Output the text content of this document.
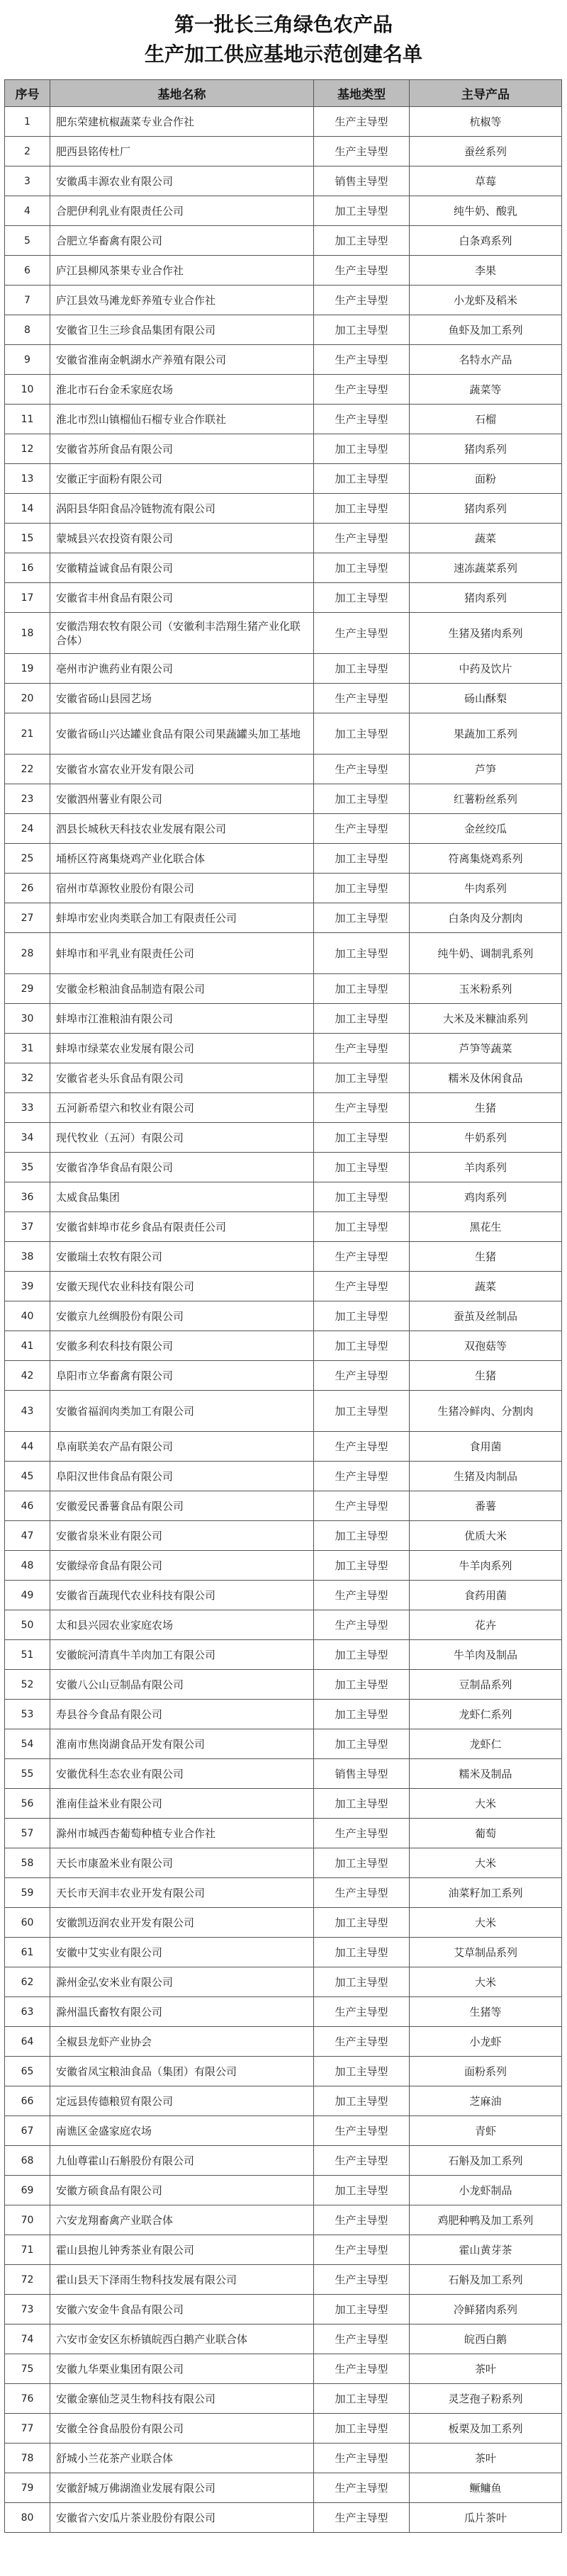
第一批长三角绿色农产品
生产加工供应基地示范创建名单
序号	基地名称	基地类型	主导产品
1	肥东荣建杭椒蔬菜专业合作社	生产主导型	杭椒等
2	肥西县铭传杜厂	生产主导型	蚕丝系列
3	安徽禹丰源农业有限公司	销售主导型	草莓
4	合肥伊利乳业有限责任公司	加工主导型	纯牛奶、酸乳
5	合肥立华畜禽有限公司	加工主导型	白条鸡系列
6	庐江县柳风茶果专业合作社	生产主导型	李果
7	庐江县效马滩龙虾养殖专业合作社	生产主导型	小龙虾及稻米
8	安徽省卫生三珍食品集团有限公司	加工主导型	鱼虾及加工系列
9	安徽省淮南金帆湖水产养殖有限公司	生产主导型	名特水产品
10	淮北市石台金禾家庭农场	生产主导型	蔬菜等
11	淮北市烈山镇榴仙石榴专业合作联社	生产主导型	石榴
12	安徽省苏所食品有限公司	加工主导型	猪肉系列
13	安徽正宇面粉有限公司	加工主导型	面粉
14	涡阳县华阳食品冷链物流有限公司	加工主导型	猪肉系列
15	蒙城县兴农投资有限公司	生产主导型	蔬菜
16	安徽精益诚食品有限公司	加工主导型	速冻蔬菜系列
17	安徽省丰州食品有限公司	加工主导型	猪肉系列
18	安徽浩翔农牧有限公司（安徽利丰浩翔生猪产业化联合体）	生产主导型	生猪及猪肉系列
19	亳州市沪谯药业有限公司	加工主导型	中药及饮片
20	安徽省砀山县园艺场	生产主导型	砀山酥梨
21	安徽省砀山兴达罐业食品有限公司果蔬罐头加工基地	加工主导型	果蔬加工系列
22	安徽省水富农业开发有限公司	生产主导型	芦笋
23	安徽泗州薯业有限公司	加工主导型	红薯粉丝系列
24	泗县长城秋天科技农业发展有限公司	生产主导型	金丝绞瓜
25	埇桥区符离集烧鸡产业化联合体	加工主导型	符离集烧鸡系列
26	宿州市草源牧业股份有限公司	加工主导型	牛肉系列
27	蚌埠市宏业肉类联合加工有限责任公司	加工主导型	白条肉及分割肉
28	蚌埠市和平乳业有限责任公司	加工主导型	纯牛奶、调制乳系列
29	安徽金杉粮油食品制造有限公司	加工主导型	玉米粉系列
30	蚌埠市江淮粮油有限公司	加工主导型	大米及米糠油系列
31	蚌埠市绿菜农业发展有限公司	生产主导型	芦笋等蔬菜
32	安徽省老头乐食品有限公司	加工主导型	糯米及休闲食品
33	五河新希望六和牧业有限公司	生产主导型	生猪
34	现代牧业（五河）有限公司	加工主导型	牛奶系列
35	安徽省净华食品有限公司	加工主导型	羊肉系列
36	太威食品集团	加工主导型	鸡肉系列
37	安徽省蚌埠市花乡食品有限责任公司	加工主导型	黑花生
38	安徽瑞土农牧有限公司	生产主导型	生猪
39	安徽天现代农业科技有限公司	生产主导型	蔬菜
40	安徽京九丝绸股份有限公司	加工主导型	蚕茧及丝制品
41	安徽多利农科技有限公司	加工主导型	双孢菇等
42	阜阳市立华畜禽有限公司	生产主导型	生猪
43	安徽省福润肉类加工有限公司	加工主导型	生猪冷鲜肉、分割肉
44	阜南联美农产品有限公司	生产主导型	食用菌
45	阜阳汉世伟食品有限公司	生产主导型	生猪及肉制品
46	安徽爱民番薯食品有限公司	生产主导型	番薯
47	安徽省泉米业有限公司	加工主导型	优质大米
48	安徽绿帝食品有限公司	加工主导型	牛羊肉系列
49	安徽省百蔬现代农业科技有限公司	生产主导型	食药用菌
50	太和县兴园农业家庭农场	生产主导型	花卉
51	安徽皖河清真牛羊肉加工有限公司	加工主导型	牛羊肉及制品
52	安徽八公山豆制品有限公司	加工主导型	豆制品系列
53	寿县谷今食品有限公司	加工主导型	龙虾仁系列
54	淮南市焦岗湖食品开发有限公司	加工主导型	龙虾仁
55	安徽优科生态农业有限公司	销售主导型	糯米及制品
56	淮南佳益米业有限公司	加工主导型	大米
57	滁州市城西杏葡萄种植专业合作社	生产主导型	葡萄
58	天长市康盈米业有限公司	加工主导型	大米
59	天长市天润丰农业开发有限公司	生产主导型	油菜籽加工系列
60	安徽凯迈润农业开发有限公司	加工主导型	大米
61	安徽中艾实业有限公司	加工主导型	艾草制品系列
62	滁州金弘安米业有限公司	加工主导型	大米
63	滁州温氏畜牧有限公司	生产主导型	生猪等
64	全椒县龙虾产业协会	生产主导型	小龙虾
65	安徽省凤宝粮油食品（集团）有限公司	加工主导型	面粉系列
66	定远县传德粮贸有限公司	加工主导型	芝麻油
67	南谯区金盛家庭农场	生产主导型	青虾
68	九仙尊霍山石斛股份有限公司	生产主导型	石斛及加工系列
69	安徽方硕食品有限公司	加工主导型	小龙虾制品
70	六安龙翔畜禽产业联合体	生产主导型	鸡肥种鸭及加工系列
71	霍山县抱儿钟秀茶业有限公司	生产主导型	霍山黄芽茶
72	霍山县天下泽雨生物科技发展有限公司	生产主导型	石斛及加工系列
73	安徽六安金牛食品有限公司	加工主导型	冷鲜猪肉系列
74	六安市金安区东桥镇皖西白鹅产业联合体	生产主导型	皖西白鹅
75	安徽九华栗业集团有限公司	生产主导型	茶叶
76	安徽金寨仙芝灵生物科技有限公司	加工主导型	灵芝孢子粉系列
77	安徽全谷食品股份有限公司	加工主导型	板栗及加工系列
78	舒城小兰花茶产业联合体	生产主导型	茶叶
79	安徽舒城万佛湖渔业发展有限公司	生产主导型	鳜鳙鱼
80	安徽省六安瓜片茶业股份有限公司	生产主导型	瓜片茶叶
